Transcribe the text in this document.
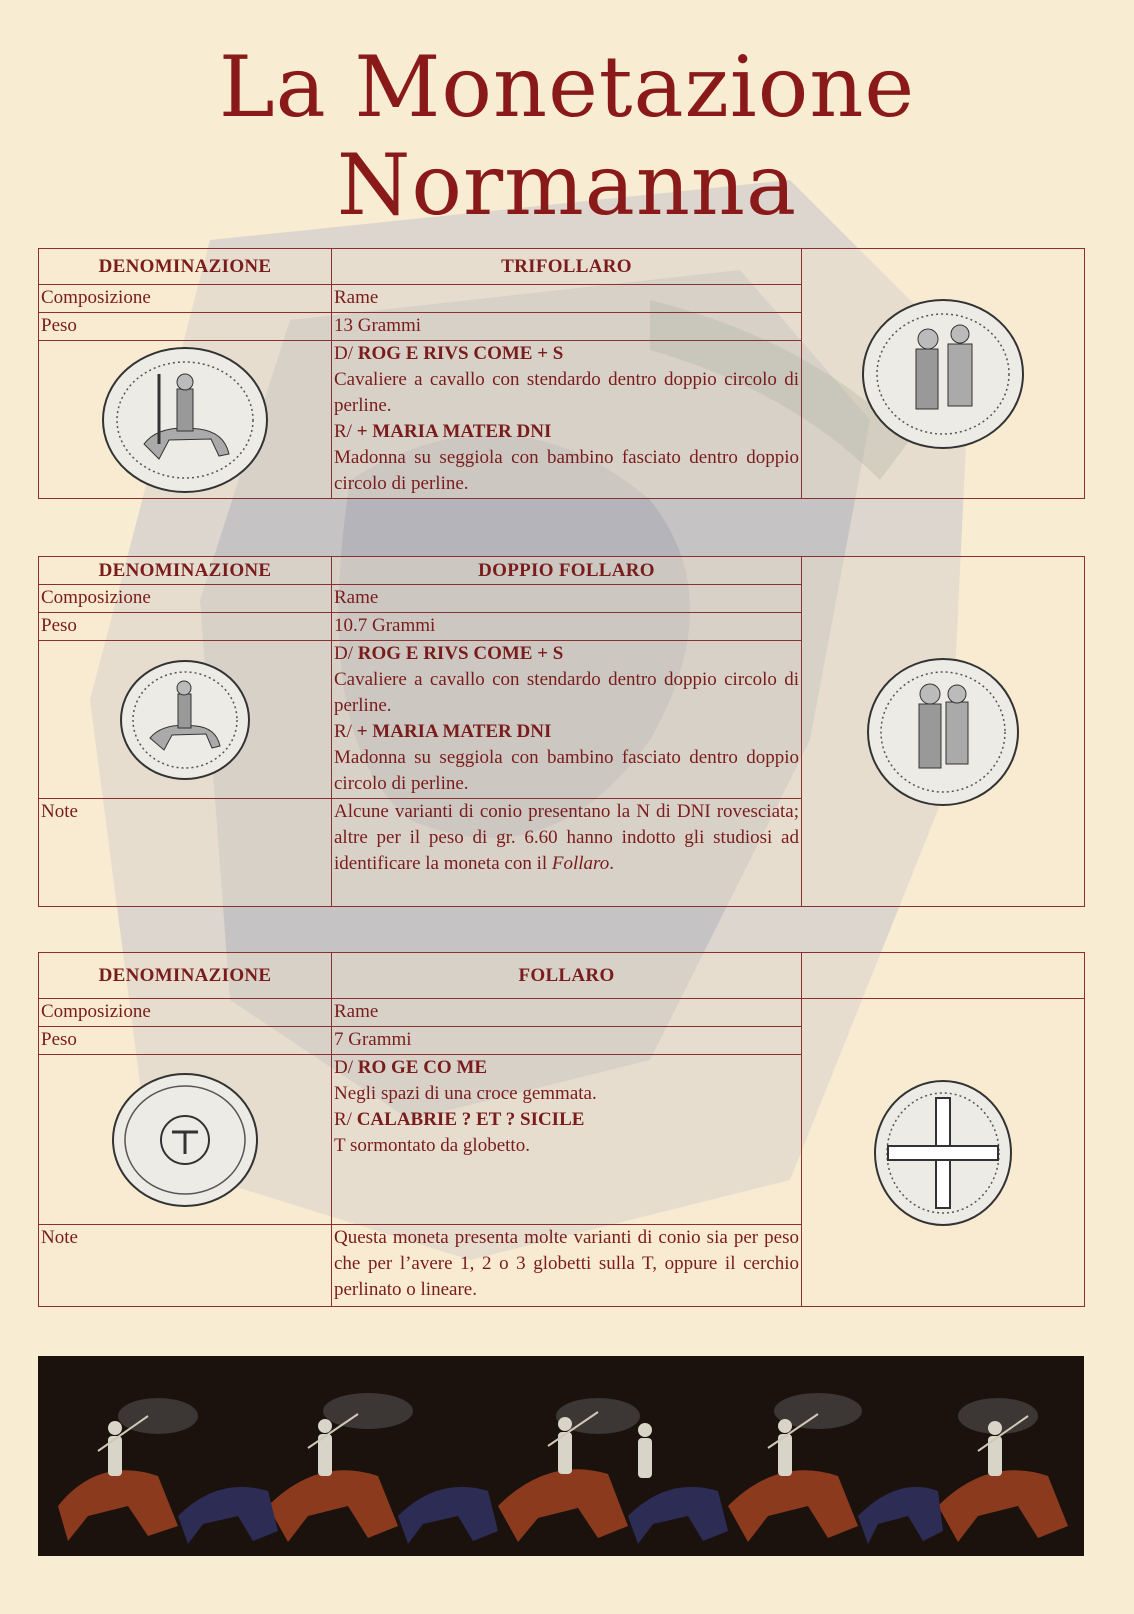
La Monetazione Normanna
DENOMINAZIONE	TRIFOLLARO	

Composizione	Rame	
Peso	13 Grammi	

	D/ ROG E RIVS COME + S
Cavaliere a cavallo con stendardo dentro doppio circolo di perline.
R/ + MARIA MATER DNI
Madonna su seggiola con bambino fasciato dentro doppio circolo di perline.	
DENOMINAZIONE	DOPPIO FOLLARO	

Composizione	Rame	
Peso	10.7 Grammi	

	D/ ROG E RIVS COME + S
Cavaliere a cavallo con stendardo dentro doppio circolo di perline.
R/ + MARIA MATER DNI
Madonna su seggiola con bambino fasciato dentro doppio circolo di perline.	
Note	Alcune varianti di conio presentano la N di DNI rovesciata; altre per il peso di gr. 6.60 hanno indotto gli studiosi ad identificare la moneta con il Follaro.	
DENOMINAZIONE	FOLLARO	
Composizione	Rame	

Peso	7 Grammi	

	D/ RO GE CO ME
Negli spazi di una croce gemmata.
R/ CALABRIE ? ET ? SICILE
T sormontato da globetto.	
Note	Questa moneta presenta molte varianti di conio sia per peso che per l’avere 1, 2 o 3 globetti sulla T, oppure il cerchio perlinato o lineare.	
